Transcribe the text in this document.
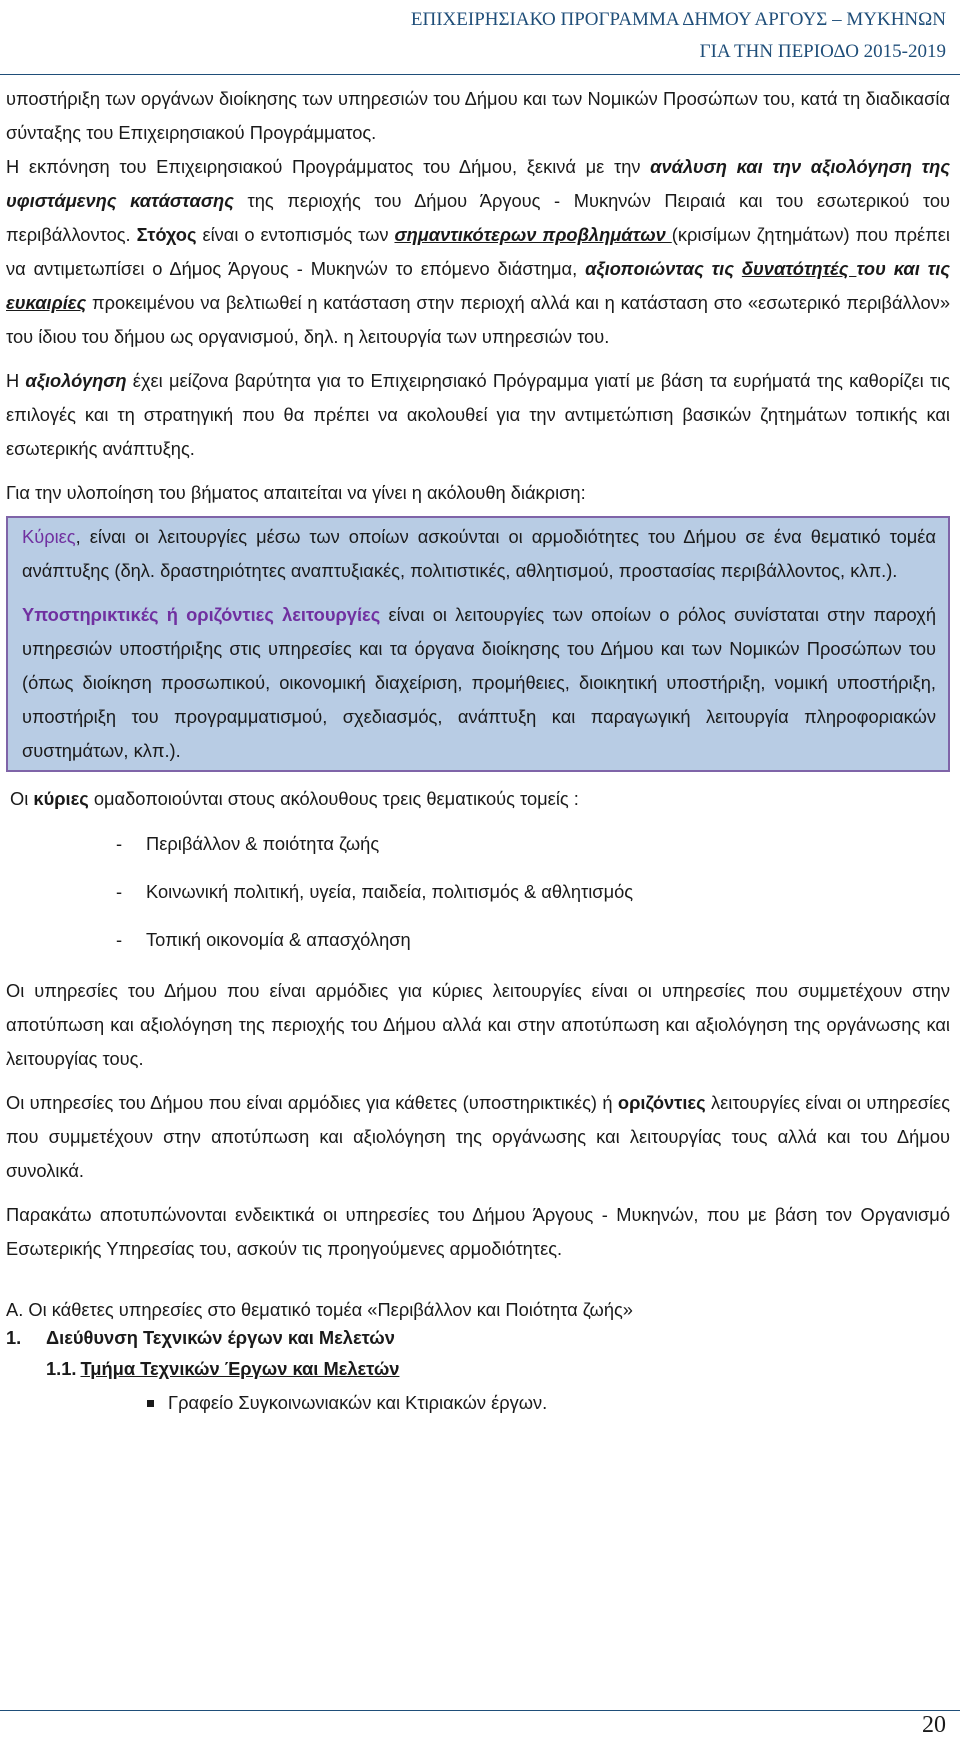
ΕΠΙΧΕΙΡΗΣΙΑΚΟ ΠΡΟΓΡΑΜΜΑ ΔΗΜΟΥ ΑΡΓΟΥΣ – ΜΥΚΗΝΩΝ
ΓΙΑ ΤΗΝ ΠΕΡΙΟΔΟ 2015-2019

υποστήριξη των οργάνων διοίκησης των υπηρεσιών του Δήμου και των Νομικών Προσώπων του, κατά τη διαδικασία σύνταξης του Επιχειρησιακού Προγράμματος.

Η εκπόνηση του Επιχειρησιακού Προγράμματος του Δήμου, ξεκινά με την ανάλυση και την αξιολόγηση της υφιστάμενης κατάστασης της περιοχής του Δήμου Άργους - Μυκηνών Πειραιά και του εσωτερικού του περιβάλλοντος. Στόχος είναι ο εντοπισμός των σημαντικότερων προβλημάτων (κρισίμων ζητημάτων) που πρέπει να αντιμετωπίσει ο Δήμος Άργους - Μυκηνών το επόμενο διάστημα, αξιοποιώντας τις δυνατότητές του και τις ευκαιρίες προκειμένου να βελτιωθεί η κατάσταση στην περιοχή αλλά και η κατάσταση στο «εσωτερικό περιβάλλον» του ίδιου του δήμου ως οργανισμού, δηλ. η λειτουργία των υπηρεσιών του.

Η αξιολόγηση έχει μείζονα βαρύτητα για το Επιχειρησιακό Πρόγραμμα γιατί με βάση τα ευρήματά της καθορίζει τις επιλογές και τη στρατηγική που θα πρέπει να ακολουθεί για την αντιμετώπιση βασικών ζητημάτων τοπικής και εσωτερικής ανάπτυξης.

Για την υλοποίηση του βήματος απαιτείται να γίνει η ακόλουθη διάκριση:

Κύριες, είναι οι λειτουργίες μέσω των οποίων ασκούνται οι αρμοδιότητες του Δήμου σε ένα θεματικό τομέα ανάπτυξης (δηλ. δραστηριότητες αναπτυξιακές, πολιτιστικές, αθλητισμού, προστασίας περιβάλλοντος, κλπ.).

Υποστηρικτικές ή οριζόντιες λειτουργίες είναι οι λειτουργίες των οποίων ο ρόλος συνίσταται στην παροχή υπηρεσιών υποστήριξης στις υπηρεσίες και τα όργανα διοίκησης του Δήμου και των Νομικών Προσώπων του (όπως διοίκηση προσωπικού, οικονομική διαχείριση, προμήθειες, διοικητική υποστήριξη, νομική υποστήριξη, υποστήριξη του προγραμματισμού, σχεδιασμός, ανάπτυξη και παραγωγική λειτουργία πληροφοριακών συστημάτων, κλπ.).

Οι κύριες ομαδοποιούνται στους ακόλουθους τρεις θεματικούς τομείς :

- Περιβάλλον & ποιότητα ζωής
- Κοινωνική πολιτική, υγεία, παιδεία, πολιτισμός & αθλητισμός
- Τοπική οικονομία & απασχόληση

Οι υπηρεσίες του Δήμου που είναι αρμόδιες για κύριες λειτουργίες είναι οι υπηρεσίες που συμμετέχουν στην αποτύπωση και αξιολόγηση της περιοχής του Δήμου αλλά και στην αποτύπωση και αξιολόγηση της οργάνωσης και λειτουργίας τους.

Οι υπηρεσίες του Δήμου που είναι αρμόδιες για κάθετες (υποστηρικτικές) ή οριζόντιες λειτουργίες είναι οι υπηρεσίες που συμμετέχουν στην αποτύπωση και αξιολόγηση της οργάνωσης και λειτουργίας τους αλλά και του Δήμου συνολικά.

Παρακάτω αποτυπώνονται ενδεικτικά οι υπηρεσίες του Δήμου Άργους - Μυκηνών, που με βάση τον Οργανισμό Εσωτερικής Υπηρεσίας του, ασκούν τις προηγούμενες αρμοδιότητες.

Α. Οι κάθετες υπηρεσίες στο θεματικό τομέα «Περιβάλλον και Ποιότητα ζωής»
1. Διεύθυνση Τεχνικών έργων και Μελετών
1.1. Τμήμα Τεχνικών Έργων και Μελετών
Γραφείο Συγκοινωνιακών και Κτιριακών έργων.
20
